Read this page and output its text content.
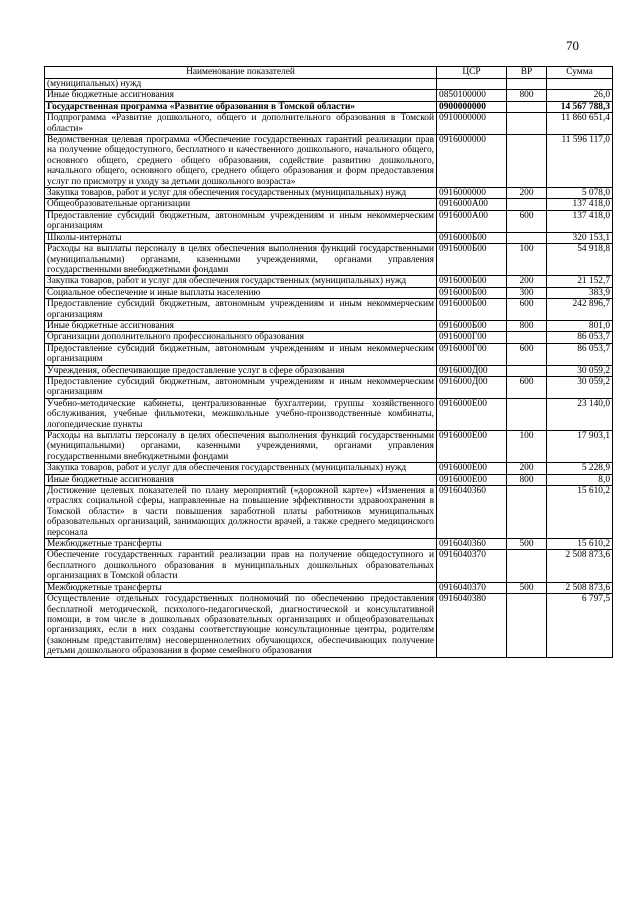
70
Наименование показателей	ЦСР	ВР	Сумма
(муниципальных) нужд			
Иные бюджетные ассигнования	0850100000	800	26,0
Государственная программа «Развитие образования в Томской области»	0900000000		14 567 788,3
Подпрограмма «Развитие дошкольного, общего и дополнительного образования в Томской области»	0910000000		11 860 651,4
Ведомственная целевая программа «Обеспечение государственных гарантий реализации прав на получение общедоступного, бесплатного и качественного дошкольного, начального общего, основного общего, среднего общего образования, содействие развитию дошкольного, начального общего, основного общего, среднего общего образования и форм предоставления услуг по присмотру и уходу за детьми дошкольного возраста»	0916000000		11 596 117,0
Закупка товаров, работ и услуг для обеспечения государственных (муниципальных) нужд	0916000000	200	5 078,0
Общеобразовательные организации	0916000А00		137 418,0
Предоставление субсидий бюджетным, автономным учреждениям и иным некоммерческим организациям	0916000А00	600	137 418,0
Школы-интернаты	0916000Б00		320 153,1
Расходы на выплаты персоналу в целях обеспечения выполнения функций государственными (муниципальными) органами, казенными учреждениями, органами управления государственными внебюджетными фондами	0916000Б00	100	54 918,8
Закупка товаров, работ и услуг для обеспечения государственных (муниципальных) нужд	0916000Б00	200	21 152,7
Социальное обеспечение и иные выплаты населению	0916000Б00	300	383,9
Предоставление субсидий бюджетным, автономным учреждениям и иным некоммерческим организациям	0916000Б00	600	242 896,7
Иные бюджетные ассигнования	0916000Б00	800	801,0
Организации дополнительного профессионального образования	0916000Г00		86 053,7
Предоставление субсидий бюджетным, автономным учреждениям и иным некоммерческим организациям	0916000Г00	600	86 053,7
Учреждения, обеспечивающие предоставление услуг в сфере образования	0916000Д00		30 059,2
Предоставление субсидий бюджетным, автономным учреждениям и иным некоммерческим организациям	0916000Д00	600	30 059,2
Учебно-методические кабинеты, централизованные бухгалтерии, группы хозяйственного обслуживания, учебные фильмотеки, межшкольные учебно-производственные комбинаты, логопедические пункты	0916000Е00		23 140,0
Расходы на выплаты персоналу в целях обеспечения выполнения функций государственными (муниципальными) органами, казенными учреждениями, органами управления государственными внебюджетными фондами	0916000Е00	100	17 903,1
Закупка товаров, работ и услуг для обеспечения государственных (муниципальных) нужд	0916000Е00	200	5 228,9
Иные бюджетные ассигнования	0916000Е00	800	8,0
Достижение целевых показателей по плану мероприятий («дорожной карте») «Изменения в отраслях социальной сферы, направленные на повышение эффективности здравоохранения в Томской области» в части повышения заработной платы работников муниципальных образовательных организаций, занимающих должности врачей, а также среднего медицинского персонала	0916040360		15 610,2
Межбюджетные трансферты	0916040360	500	15 610,2
Обеспечение государственных гарантий реализации прав на получение общедоступного и бесплатного дошкольного образования в муниципальных дошкольных образовательных организациях в Томской области	0916040370		2 508 873,6
Межбюджетные трансферты	0916040370	500	2 508 873,6
Осуществление отдельных государственных полномочий по обеспечению предоставления бесплатной методической, психолого-педагогической, диагностической и консультативной помощи, в том числе в дошкольных образовательных организациях и общеобразовательных организациях, если в них созданы соответствующие консультационные центры, родителям (законным представителям) несовершеннолетних обучающихся, обеспечивающих получение детьми дошкольного образования в форме семейного образования	0916040380		6 797,5
